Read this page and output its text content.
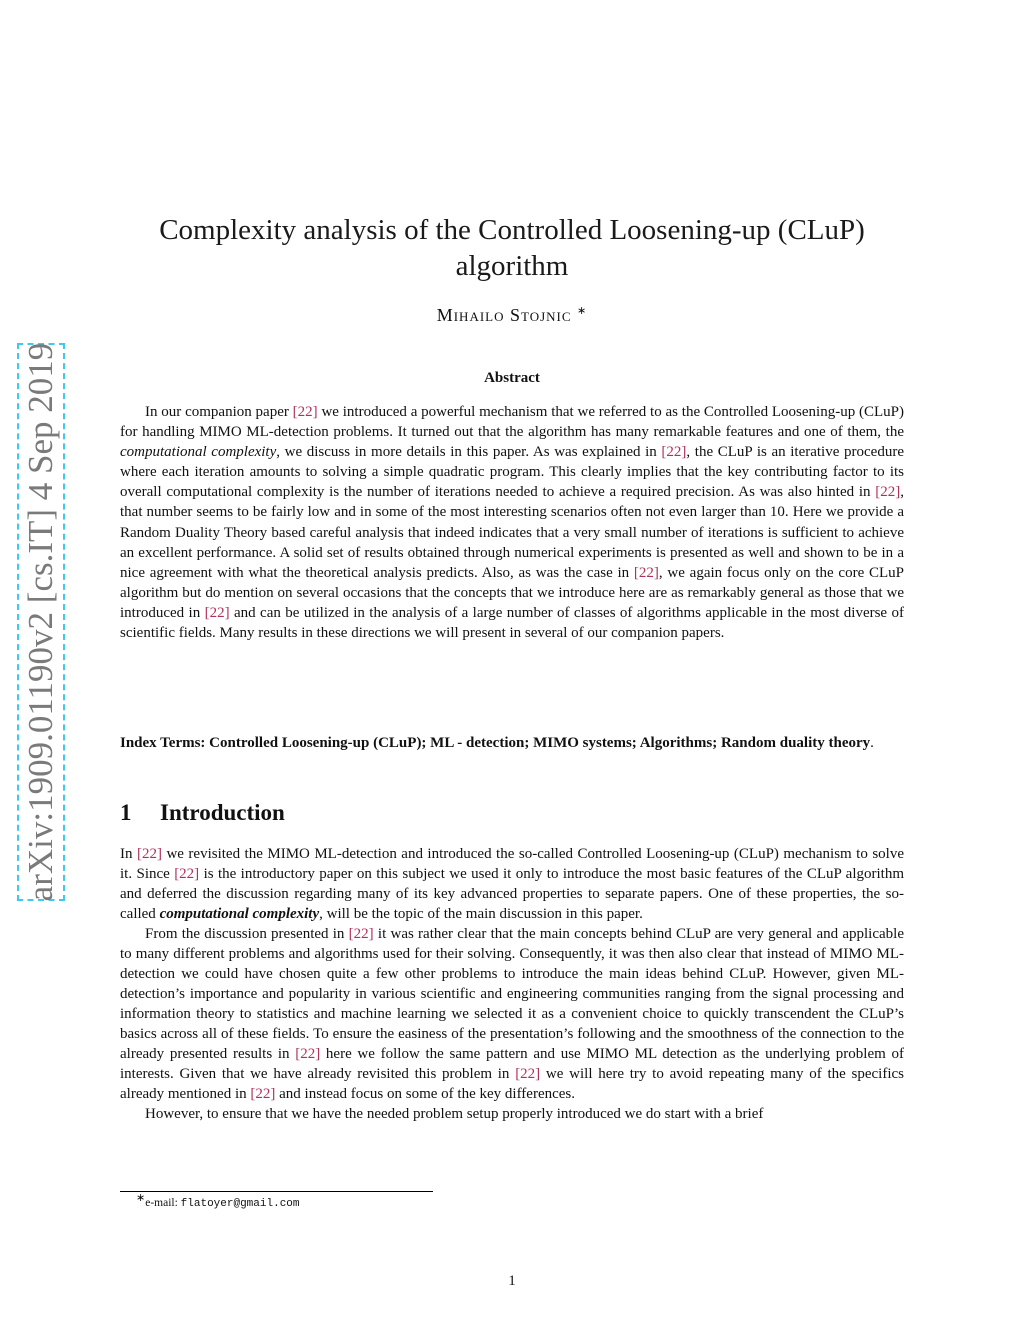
Complexity analysis of the Controlled Loosening-up (CLuP)
algorithm
Mihailo Stojnic ∗
Abstract

In our companion paper [22] we introduced a powerful mechanism that we referred to as the Controlled Loosening-up (CLuP) for handling MIMO ML-detection problems. It turned out that the algorithm has many remarkable features and one of them, the computational complexity, we discuss in more details in this paper. As was explained in [22], the CLuP is an iterative procedure where each iteration amounts to solving a simple quadratic program. This clearly implies that the key contributing factor to its overall computational complexity is the number of iterations needed to achieve a required precision. As was also hinted in [22], that number seems to be fairly low and in some of the most interesting scenarios often not even larger than 10. Here we provide a Random Duality Theory based careful analysis that indeed indicates that a very small number of iterations is sufficient to achieve an excellent performance. A solid set of results obtained through numerical experiments is presented as well and shown to be in a nice agreement with what the theoretical analysis predicts. Also, as was the case in [22], we again focus only on the core CLuP algorithm but do mention on several occasions that the concepts that we introduce here are as remarkably general as those that we introduced in [22] and can be utilized in the analysis of a large number of classes of algorithms applicable in the most diverse of scientific fields. Many results in these directions we will present in several of our companion papers.

Index Terms: Controlled Loosening-up (CLuP); ML - detection; MIMO systems; Algorithms; Random duality theory.

1 Introduction

In [22] we revisited the MIMO ML-detection and introduced the so-called Controlled Loosening-up (CLuP) mechanism to solve it. Since [22] is the introductory paper on this subject we used it only to introduce the most basic features of the CLuP algorithm and deferred the discussion regarding many of its key advanced properties to separate papers. One of these properties, the so-called computational complexity, will be the topic of the main discussion in this paper.

From the discussion presented in [22] it was rather clear that the main concepts behind CLuP are very general and applicable to many different problems and algorithms used for their solving. Consequently, it was then also clear that instead of MIMO ML-detection we could have chosen quite a few other problems to introduce the main ideas behind CLuP. However, given ML-detection’s importance and popularity in various scientific and engineering communities ranging from the signal processing and information theory to statistics and machine learning we selected it as a convenient choice to quickly transcendent the CLuP’s basics across all of these fields. To ensure the easiness of the presentation’s following and the smoothness of the connection to the already presented results in [22] here we follow the same pattern and use MIMO ML detection as the underlying problem of interests. Given that we have already revisited this problem in [22] we will here try to avoid repeating many of the specifics already mentioned in [22] and instead focus on some of the key differences.

However, to ensure that we have the needed problem setup properly introduced we do start with a brief

∗e-mail: flatoyer@gmail.com
1
arXiv:1909.01190v2 [cs.IT] 4 Sep 2019
